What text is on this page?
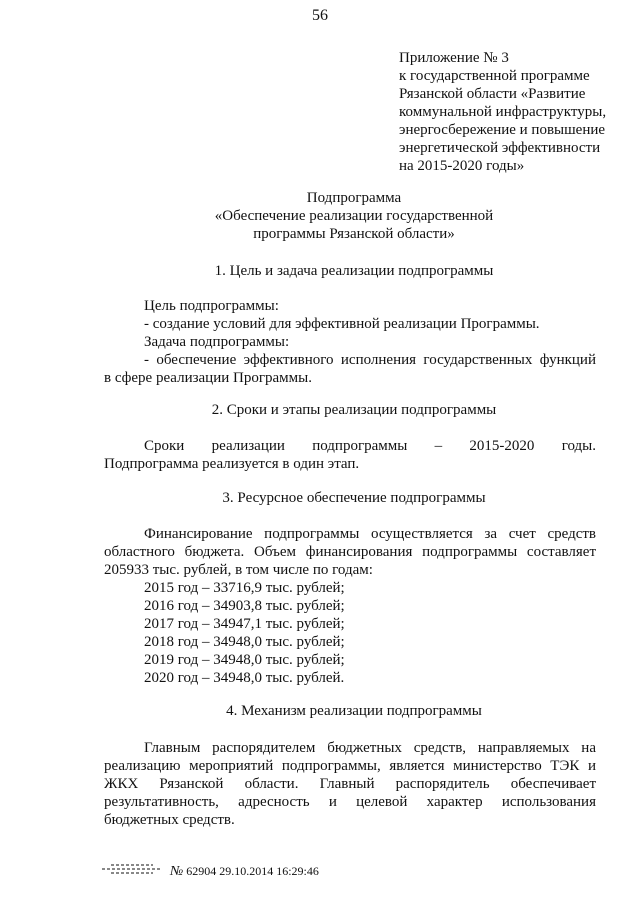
56
Приложение № 3
к государственной программе
Рязанской области «Развитие
коммунальной инфраструктуры,
энергосбережение и повышение
энергетической эффективности
на 2015-2020 годы»
Подпрограмма
«Обеспечение реализации государственной
программы Рязанской области»
1. Цель и задача реализации подпрограммы
Цель подпрограммы:
- создание условий для эффективной реализации Программы.
Задача подпрограммы:
- обеспечение эффективного исполнения государственных функций
в сфере реализации Программы.
2. Сроки и этапы реализации подпрограммы
Сроки реализации подпрограммы – 2015-2020 годы.
Подпрограмма реализуется в один этап.
3. Ресурсное обеспечение подпрограммы
Финансирование подпрограммы осуществляется за счет средств
областного бюджета. Объем финансирования подпрограммы составляет
205933 тыс. рублей, в том числе по годам:
2015 год – 33716,9 тыс. рублей;
2016 год – 34903,8 тыс. рублей;
2017 год – 34947,1 тыс. рублей;
2018 год – 34948,0 тыс. рублей;
2019 год – 34948,0 тыс. рублей;
2020 год – 34948,0 тыс. рублей.
4. Механизм реализации подпрограммы
Главным распорядителем бюджетных средств, направляемых на
реализацию мероприятий подпрограммы, является министерство ТЭК и
ЖКХ Рязанской области. Главный распорядитель обеспечивает
результативность, адресность и целевой характер использования
бюджетных средств.
№ 62904 29.10.2014 16:29:46
